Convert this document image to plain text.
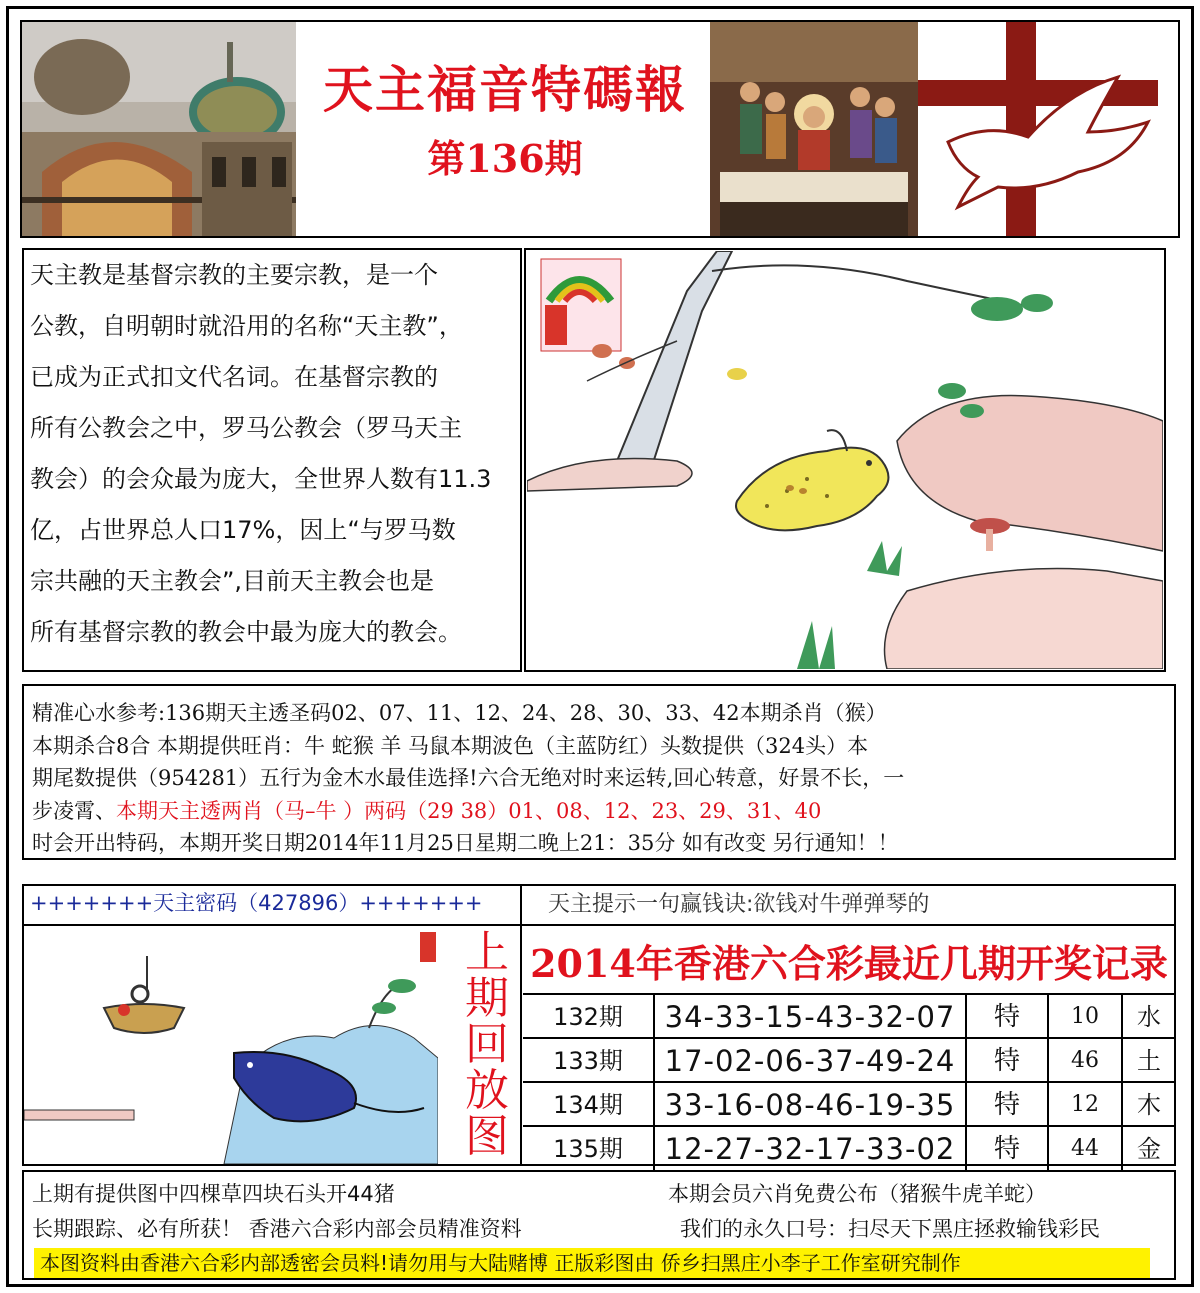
天主福音特碼報
第136期

天主教是基督宗教的主要宗教，是一个

公教，自明朝时就沿用的名称“天主教”，

已成为正式扣文代名词。在基督宗教的

所有公教会之中，罗马公教会（罗马天主

教会）的会众最为庞大，全世界人数有11.3

亿，占世界总人口17%，因上“与罗马数

宗共融的天主教会”,目前天主教会也是

所有基督宗教的教会中最为庞大的教会。

精准心水参考:136期天主透圣码02、07、11、12、24、28、30、33、42本期杀肖（猴）

本期杀合8合 本期提供旺肖：牛 蛇猴 羊 马鼠本期波色（主蓝防红）头数提供（324头）本

期尾数提供（954281）五行为金木水最佳选择!六合无绝对时来运转,回心转意，好景不长，一

步凌霄、本期天主透两肖（马–牛 ）两码（29 38）01、08、12、23、29、31、40

时会开出特码，本期开奖日期2014年11月25日星期二晚上21：35分 如有改变 另行通知！！

+++++++天主密码（427896）+++++++	天主提示一句赢钱诀:欲钱对牛弹弹琴的
上
期
回
放
图
2014年香港六合彩最近几期开奖记录
132期	34-33-15-43-32-07	特	10	水
133期	17-02-06-37-49-24	特	46	土
134期	33-16-08-46-19-35	特	12	木
135期	12-27-32-17-33-02	特	44	金
上期有提供图中四棵草四块石头开44猪	本期会员六肖免费公布（猪猴牛虎羊蛇）
长期跟踪、必有所获！ 香港六合彩内部会员精准资料	我们的永久口号：扫尽天下黑庄拯救输钱彩民
本图资料由香港六合彩内部透密会员料!请勿用与大陆赌博 正版彩图由 侨乡扫黑庄小李子工作室研究制作
